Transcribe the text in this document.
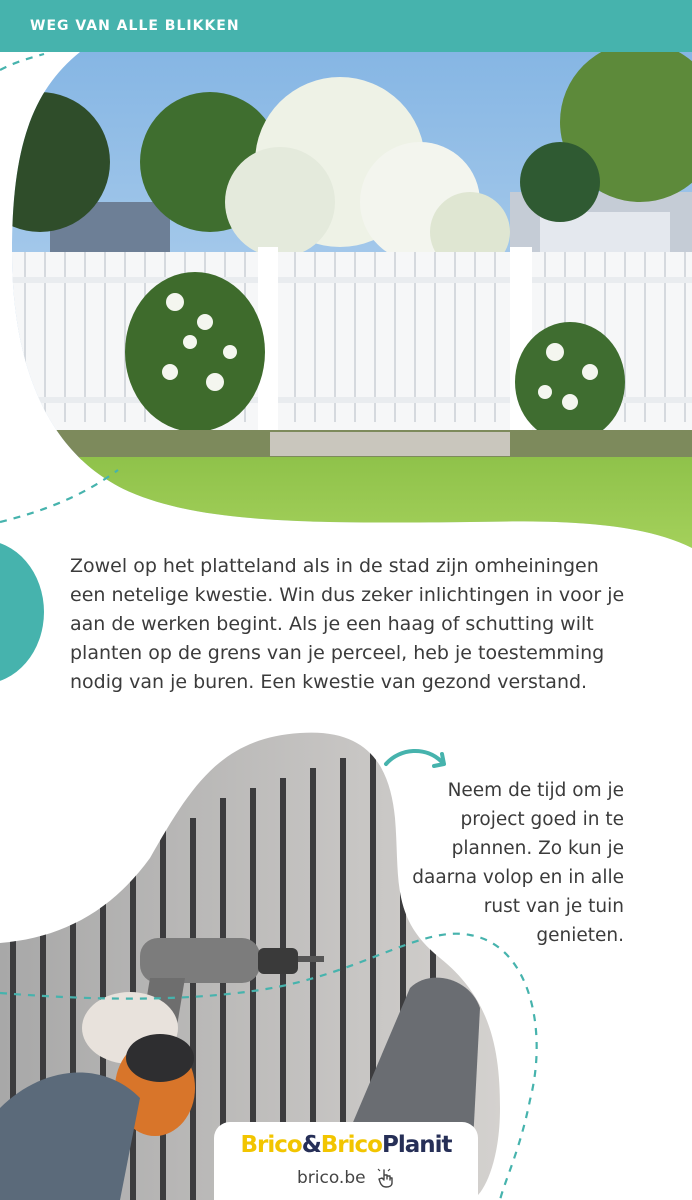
WEG VAN ALLE BLIKKEN

Zowel op het platteland als in de stad zijn omheiningen een netelige kwestie. Win dus zeker inlichtingen in voor je aan de werken begint. Als je een haag of schutting wilt planten op de grens van je perceel, heb je toestemming nodig van je buren. Een kwestie van gezond verstand.

Neem de tijd om je project goed in te plannen. Zo kun je daarna volop en in alle rust van je tuin genieten.

Brico&BricoPlanit
brico.be
